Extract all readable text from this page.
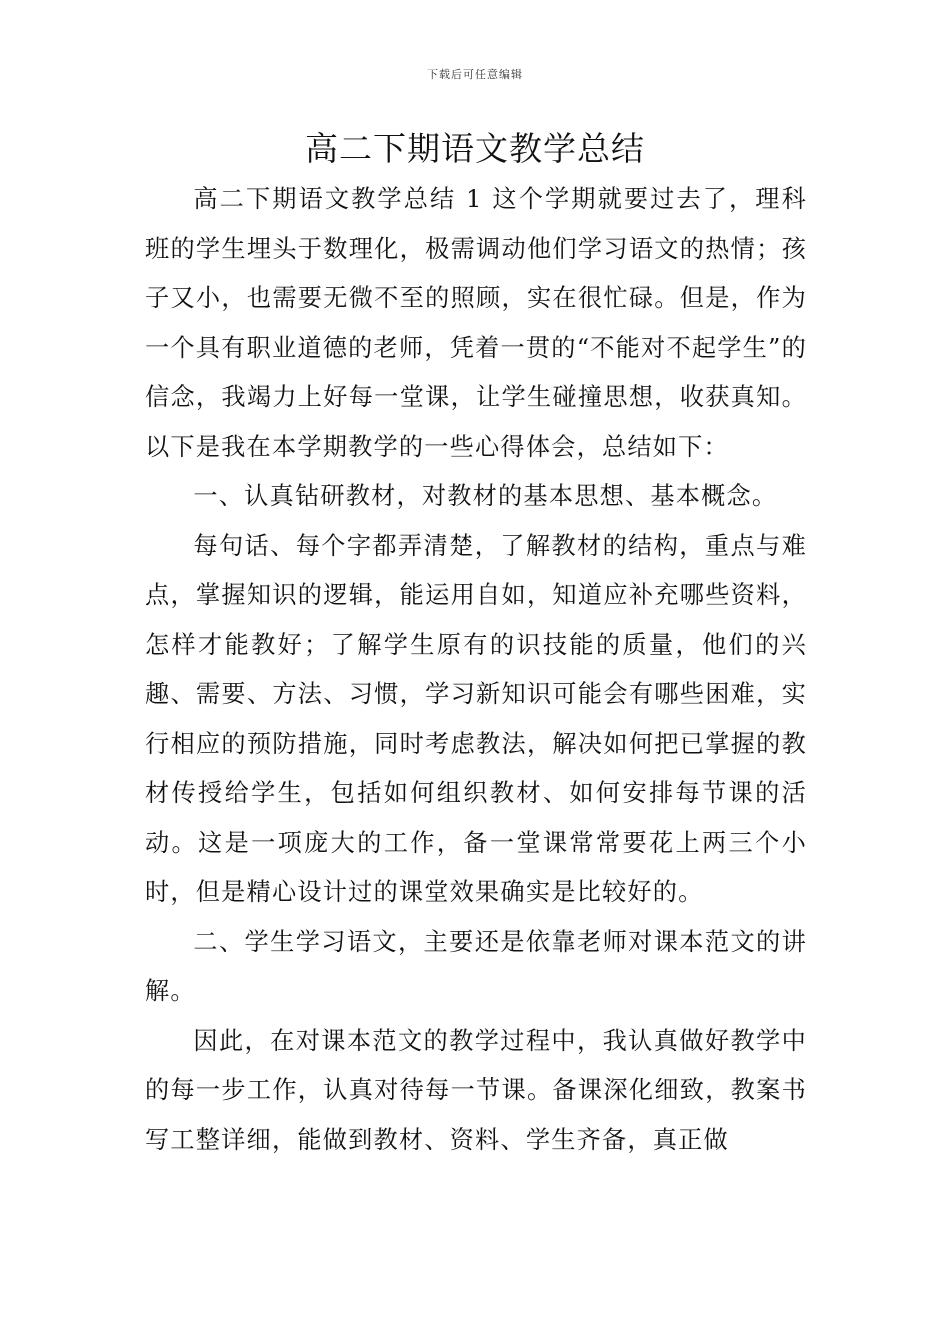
下载后可任意编辑
高二下期语文教学总结

高二下期语文教学总结 1 这个学期就要过去了，理科班的学生埋头于数理化，极需调动他们学习语文的热情；孩子又小，也需要无微不至的照顾，实在很忙碌。但是，作为一个具有职业道德的老师，凭着一贯的“不能对不起学生”的信念，我竭力上好每一堂课，让学生碰撞思想，收获真知。以下是我在本学期教学的一些心得体会，总结如下：

一、认真钻研教材，对教材的基本思想、基本概念。

每句话、每个字都弄清楚，了解教材的结构，重点与难点，掌握知识的逻辑，能运用自如，知道应补充哪些资料，怎样才能教好；了解学生原有的识技能的质量，他们的兴趣、需要、方法、习惯，学习新知识可能会有哪些困难，实行相应的预防措施，同时考虑教法，解决如何把已掌握的教材传授给学生，包括如何组织教材、如何安排每节课的活动。这是一项庞大的工作，备一堂课常常要花上两三个小时，但是精心设计过的课堂效果确实是比较好的。

二、学生学习语文，主要还是依靠老师对课本范文的讲解。

因此，在对课本范文的教学过程中，我认真做好教学中的每一步工作，认真对待每一节课。备课深化细致，教案书写工整详细，能做到教材、资料、学生齐备，真正做
